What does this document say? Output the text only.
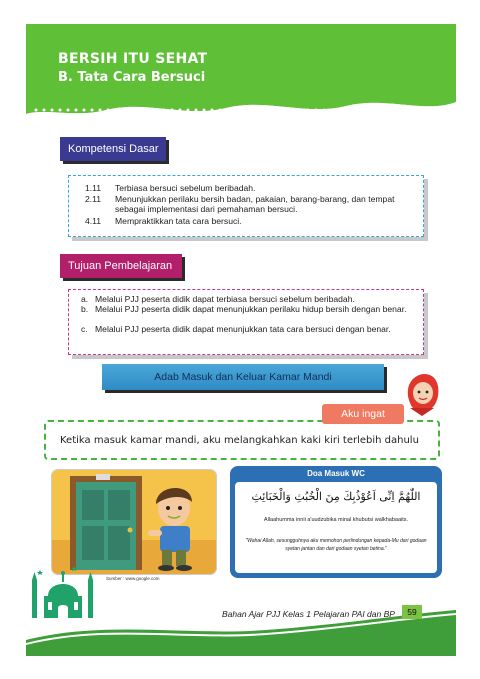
BERSIH ITU SEHAT
B. Tata Cara Bersuci
Kompetensi Dasar
1.11 Terbiasa bersuci sebelum beribadah.
2.11 Menunjukkan perilaku bersih badan, pakaian, barang-barang, dan tempat sebagai implementasi dari pemahaman bersuci.
4.11 Mempraktikkan tata cara bersuci.
Tujuan Pembelajaran
a. Melalui PJJ peserta didik dapat terbiasa bersuci sebelum beribadah.
b. Melalui PJJ peserta didik dapat menunjukkan perilaku hidup bersih dengan benar.
c. Melalui PJJ peserta didik dapat menunjukkan tata cara bersuci dengan benar.
Adab Masuk dan Keluar Kamar Mandi
Aku ingat
Ketika masuk kamar mandi, aku melangkahkan kaki kiri terlebih dahulu
Sumber : www.google.com
Doa Masuk WC
اللّٰهُمَّ اِنِّى اَعُوْذُبِكَ مِنَ الْخُبُثِ وَالْخَبَائِثِ
Allaahumma innii a'uudzubika minal khubutsi walkhabaaits.
"Wahai Allah, sesungguhnya aku memohon perlindungan kepada-Mu dari godaan syetan jantan dan dari godaan syetan betina."
Bahan Ajar PJJ Kelas 1 Pelajaran PAI dan BP	59
